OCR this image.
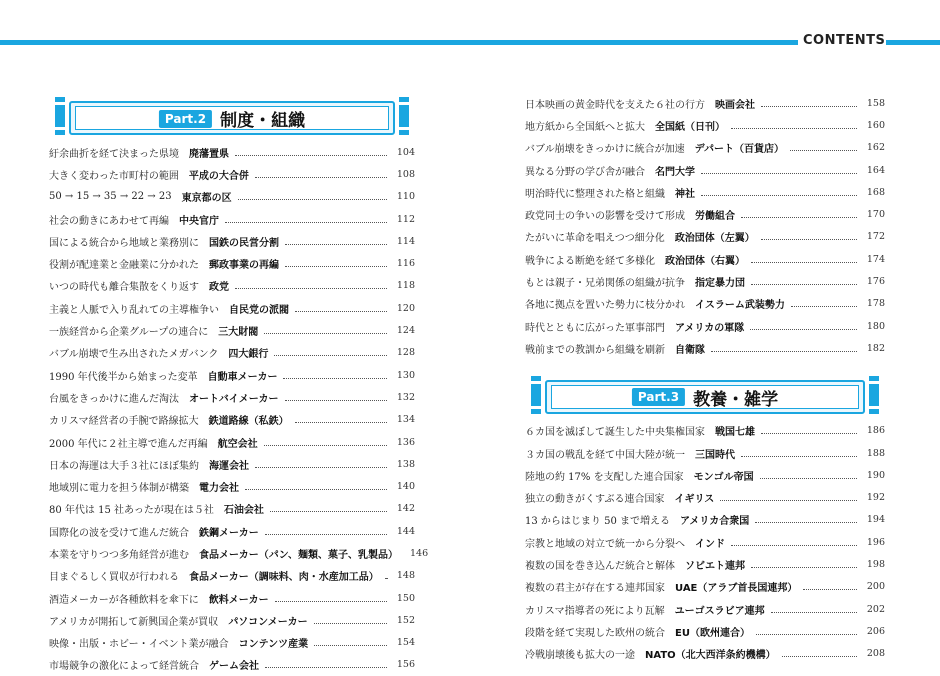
CONTENTS
Part.2 制度・組織
紆余曲折を経て決まった県境 廃藩置県	104
大きく変わった市町村の範囲 平成の大合併	108
50 → 15 → 35 → 22 → 23 東京都の区	110
社会の動きにあわせて再編 中央官庁	112
国による統合から地域と業務別に 国鉄の民営分割	114
役割が配達業と金融業に分かれた 郵政事業の再編	116
いつの時代も離合集散をくり返す 政党	118
主義と人脈で入り乱れての主導権争い 自民党の派閥	120
一族経営から企業グループの連合に 三大財閥	124
バブル崩壊で生み出されたメガバンク 四大銀行	128
1990 年代後半から始まった変革 自動車メーカー	130
台風をきっかけに進んだ淘汰 オートバイメーカー	132
カリスマ経営者の手腕で路線拡大 鉄道路線（私鉄）	134
2000 年代に２社主導で進んだ再編 航空会社	136
日本の海運は大手３社にほぼ集約 海運会社	138
地域別に電力を担う体制が構築 電力会社	140
80 年代は 15 社あったが現在は５社 石油会社	142
国際化の波を受けて進んだ統合 鉄鋼メーカー	144
本業を守りつつ多角経営が進む 食品メーカー（パン、麺類、菓子、乳製品） 146
目まぐるしく買収が行われる 食品メーカー（調味料、肉・水産加工品）	148
酒造メーカーが各種飲料を傘下に 飲料メーカー	150
アメリカが開拓して新興国企業が買収 パソコンメーカー	152
映像・出版・ホビー・イベント業が融合 コンテンツ産業	154
市場競争の激化によって経営統合 ゲーム会社	156
日本映画の黄金時代を支えた６社の行方 映画会社	158
地方紙から全国紙へと拡大 全国紙（日刊）	160
バブル崩壊をきっかけに統合が加速 デパート（百貨店）	162
異なる分野の学び舎が融合 名門大学	164
明治時代に整理された格と組織 神社	168
政党同士の争いの影響を受けて形成 労働組合	170
たがいに革命を唱えつつ細分化 政治団体（左翼）	172
戦争による断絶を経て多様化 政治団体（右翼）	174
もとは親子・兄弟関係の組織が抗争 指定暴力団	176
各地に拠点を置いた勢力に枝分かれ イスラーム武装勢力	178
時代とともに広がった軍事部門 アメリカの軍隊	180
戦前までの教訓から組織を刷新 自衛隊	182
Part.3 教養・雑学
６カ国を滅ぼして誕生した中央集権国家 戦国七雄	186
３カ国の戦乱を経て中国大陸が統一 三国時代	188
陸地の約 17% を支配した連合国家 モンゴル帝国	190
独立の動きがくすぶる連合国家 イギリス	192
13 からはじまり 50 まで増える アメリカ合衆国	194
宗教と地域の対立で統一から分裂へ インド	196
複数の国を巻き込んだ統合と解体 ソビエト連邦	198
複数の君主が存在する連邦国家 UAE（アラブ首長国連邦）	200
カリスマ指導者の死により瓦解 ユーゴスラビア連邦	202
段階を経て実現した欧州の統合 EU（欧州連合）	206
冷戦崩壊後も拡大の一途 NATO（北大西洋条約機構）	208
